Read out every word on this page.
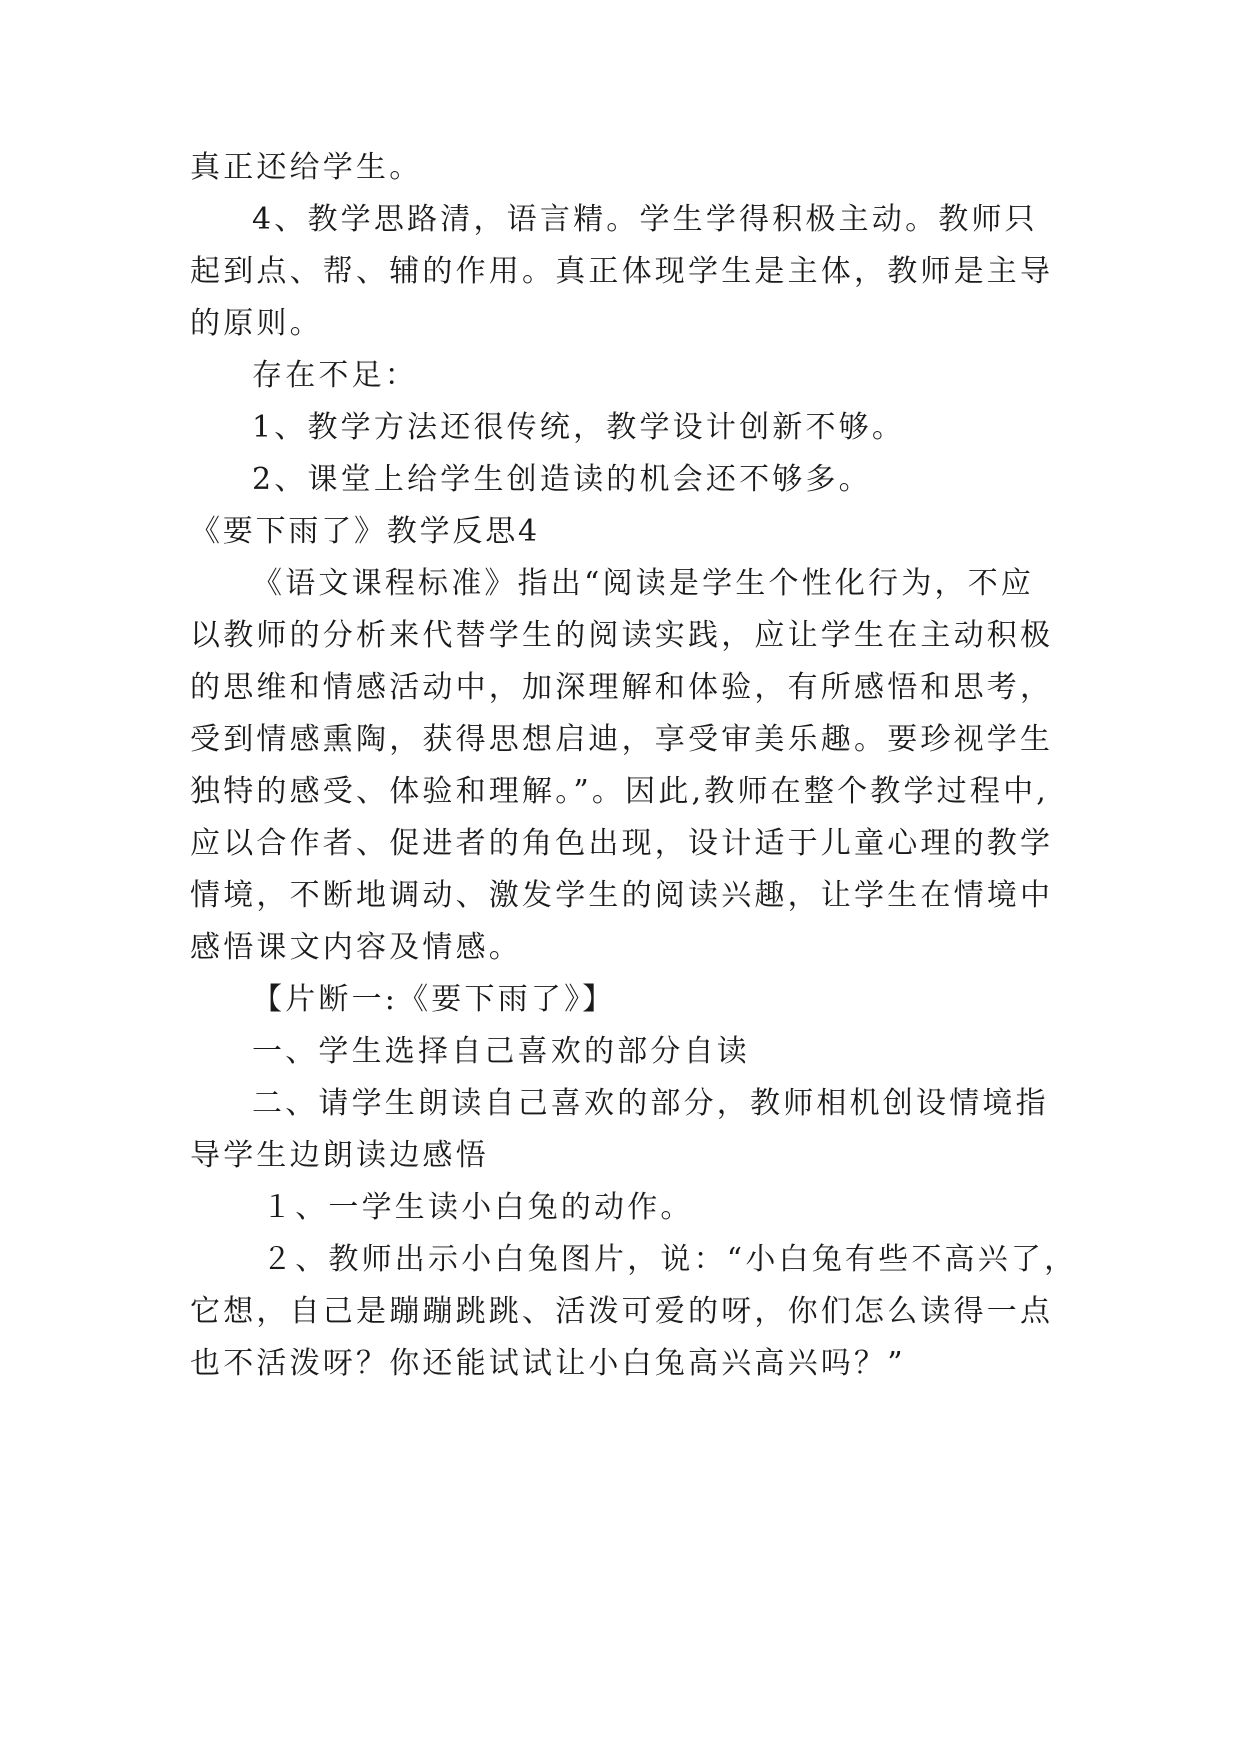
真正还给学生。
4、教学思路清，语言精。学生学得积极主动。教师只
起到点、帮、辅的作用。真正体现学生是主体，教师是主导
的原则。
存在不足：
1、教学方法还很传统，教学设计创新不够。
2、课堂上给学生创造读的机会还不够多。
《要下雨了》教学反思4
《语文课程标准》指出“阅读是学生个性化行为，不应
以教师的分析来代替学生的阅读实践，应让学生在主动积极
的思维和情感活动中，加深理解和体验，有所感悟和思考，
受到情感熏陶，获得思想启迪，享受审美乐趣。要珍视学生
独特的感受、体验和理解。”。因此,教师在整个教学过程中,
应以合作者、促进者的角色出现，设计适于儿童心理的教学
情境，不断地调动、激发学生的阅读兴趣，让学生在情境中
感悟课文内容及情感。
【片断一:《要下雨了》】
一、学生选择自己喜欢的部分自读
二、请学生朗读自己喜欢的部分，教师相机创设情境指
导学生边朗读边感悟
１、一学生读小白兔的动作。
２、教师出示小白兔图片，说：“小白兔有些不高兴了，
它想，自己是蹦蹦跳跳、活泼可爱的呀，你们怎么读得一点
也不活泼呀？你还能试试让小白兔高兴高兴吗？”
